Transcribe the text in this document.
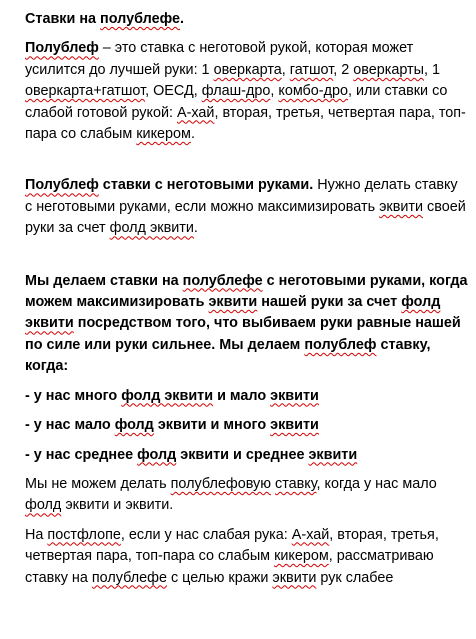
Ставки на полублефе.

Полублеф – это ставка с неготовой рукой, которая может усилится до лучшей руки: 1 оверкарта, гатшот, 2 оверкарты, 1 оверкарта+гатшот, ОЕСД, флаш-дро, комбо-дро, или ставки со слабой готовой рукой: А-хай, вторая, третья, четвертая пара, топ-пара со слабым кикером.

Полублеф ставки с неготовыми руками. Нужно делать ставку с неготовыми руками, если можно максимизировать эквити своей руки за счет фолд эквити.

Мы делаем ставки на полублефе с неготовыми руками, когда можем максимизировать эквити нашей руки за счет фолд эквити посредством того, что выбиваем руки равные нашей по силе или руки сильнее. Мы делаем полублеф ставку, когда:

- у нас много фолд эквити и мало эквити

- у нас мало фолд эквити и много эквити

- у нас среднее фолд эквити и среднее эквити

Мы не можем делать полублефовую ставку, когда у нас мало фолд эквити и эквити.

На постфлопе, если у нас слабая рука: А-хай, вторая, третья, четвертая пара, топ-пара со слабым кикером, рассматриваю ставку на полублефе с целью кражи эквити рук слабее
